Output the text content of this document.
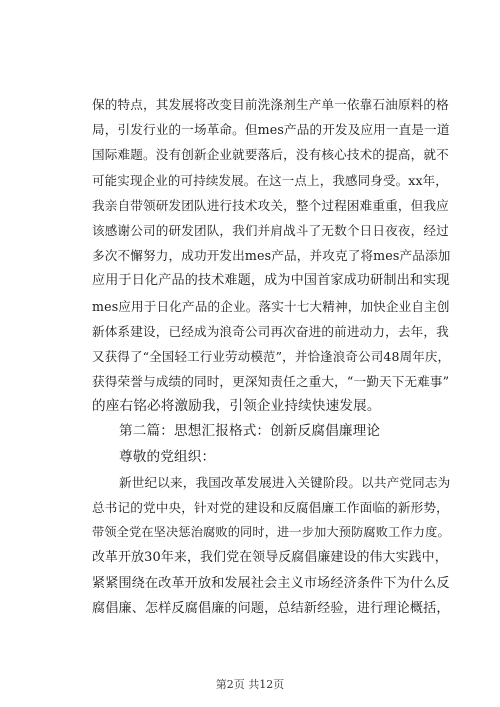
保的特点，其发展将改变目前洗涤剂生产单一依靠石油原料的格
局，引发行业的一场革命。但mes产品的开发及应用一直是一道
国际难题。没有创新企业就要落后，没有核心技术的提高，就不
可能实现企业的可持续发展。在这一点上，我感同身受。xx年，
我亲自带领研发团队进行技术攻关，整个过程困难重重，但我应
该感谢公司的研发团队，我们并肩战斗了无数个日日夜夜，经过
多次不懈努力，成功开发出mes产品，并攻克了将mes产品添加
应用于日化产品的技术难题，成为中国首家成功研制出和实现
mes应用于日化产品的企业。落实十七大精神，加快企业自主创
新体系建设，已经成为浪奇公司再次奋进的前进动力，去年，我
又获得了“全国轻工行业劳动模范”，并恰逢浪奇公司48周年庆，
获得荣誉与成绩的同时，更深知责任之重大，“一勤天下无难事”
的座右铭必将激励我，引领企业持续快速发展。
第二篇：思想汇报格式：创新反腐倡廉理论
尊敬的党组织：
新世纪以来，我国改革发展进入关键阶段。以共产党同志为
总书记的党中央，针对党的建设和反腐倡廉工作面临的新形势，
带领全党在坚决惩治腐败的同时，进一步加大预防腐败工作力度。
改革开放30年来，我们党在领导反腐倡廉建设的伟大实践中，
紧紧围绕在改革开放和发展社会主义市场经济条件下为什么反
腐倡廉、怎样反腐倡廉的问题，总结新经验，进行理论概括，
第2页 共12页
